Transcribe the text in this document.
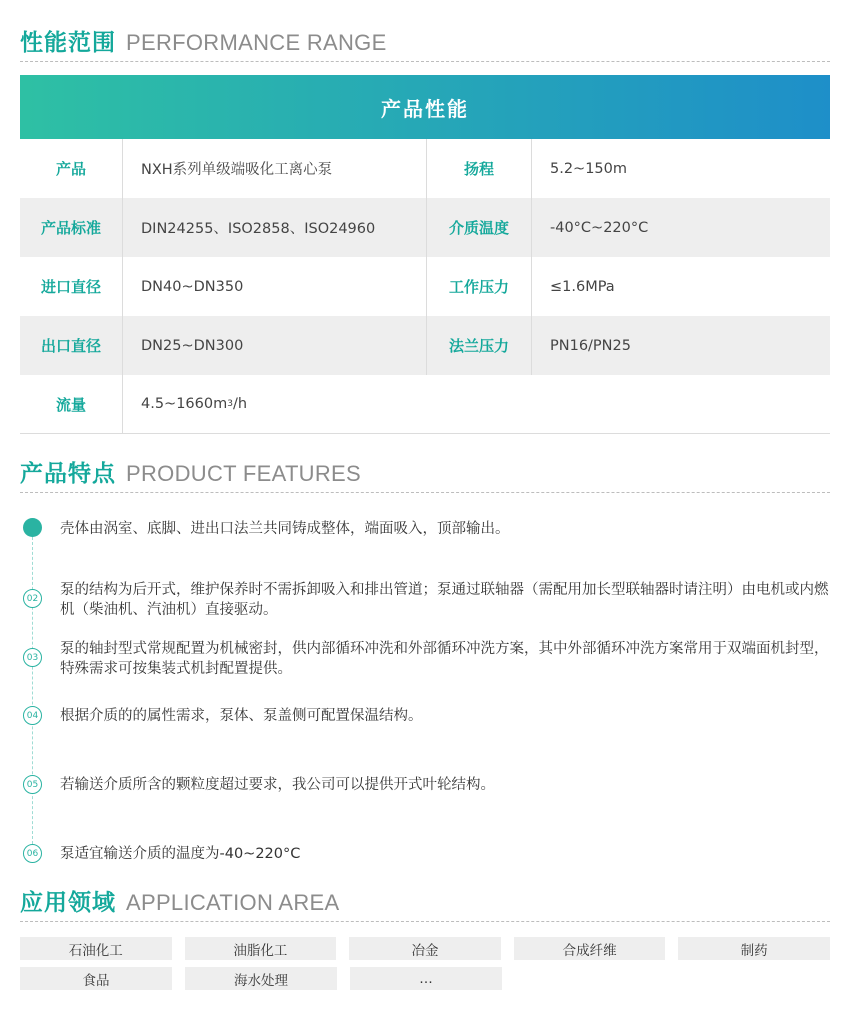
性能范围 PERFORMANCE RANGE
产品性能
产品	NXH系列单级端吸化工离心泵	扬程	5.2~150m
产品标准	DIN24255、ISO2858、ISO24960	介质温度	-40°C~220°C
进口直径	DN40~DN350	工作压力	≤1.6MPa
出口直径	DN25~DN300	法兰压力	PN16/PN25
流量	4.5~1660m 3 /h
产品特点 PRODUCT FEATURES
壳体由涡室、底脚、进出口法兰共同铸成整体，端面吸入，顶部输出。
02
泵的结构为后开式，维护保养时不需拆卸吸入和排出管道；泵通过联轴器（需配用加长型联轴器时请注明）由电机或内燃机（柴油机、汽油机）直接驱动。
03
泵的轴封型式常规配置为机械密封，供内部循环冲洗和外部循环冲洗方案，其中外部循环冲洗方案常用于双端面机封型，特殊需求可按集装式机封配置提供。
04 根据介质的的属性需求，泵体、泵盖侧可配置保温结构。
05 若输送介质所含的颗粒度超过要求，我公司可以提供开式叶轮结构。
06 泵适宜输送介质的温度为-40~220°C
应用领域 APPLICATION AREA
石油化工	油脂化工	冶金	合成纤维	制药
食品	海水处理	…
